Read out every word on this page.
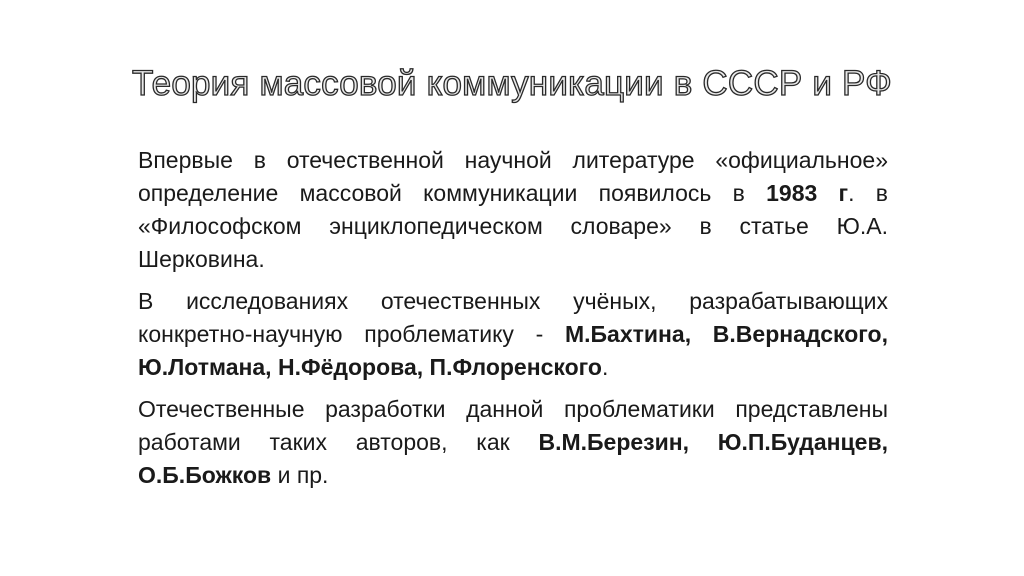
Теория массовой коммуникации в СССР и РФ

Впервые в отечественной научной литературе «официальное» определение массовой коммуникации появилось в 1983 г. в «Философском энциклопедическом словаре» в статье Ю.А. Шерковина.

В исследованиях отечественных учёных, разрабатывающих конкретно-научную проблематику - М.Бахтина, В.Вернадского, Ю.Лотмана, Н.Фёдорова, П.Флоренского.

Отечественные разработки данной проблематики представлены работами таких авторов, как В.М.Березин, Ю.П.Буданцев, О.Б.Божков и пр.
